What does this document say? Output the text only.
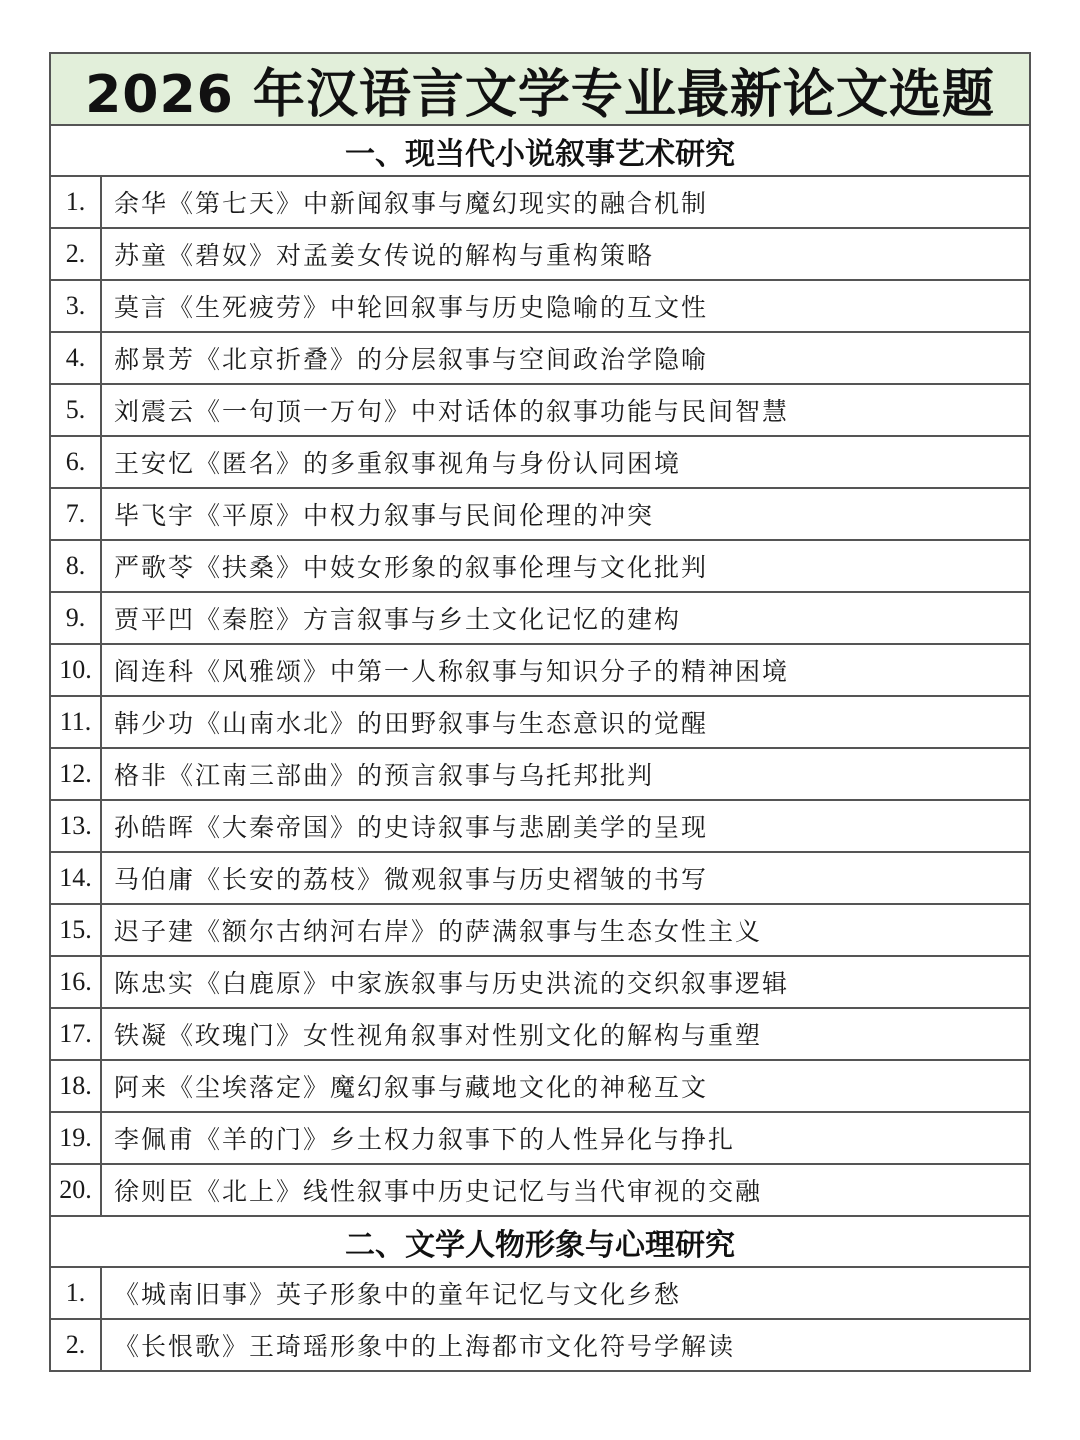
2026 年汉语言文学专业最新论文选题
一、现当代小说叙事艺术研究
1.	余华《第七天》中新闻叙事与魔幻现实的融合机制
2.	苏童《碧奴》对孟姜女传说的解构与重构策略
3.	莫言《生死疲劳》中轮回叙事与历史隐喻的互文性
4.	郝景芳《北京折叠》的分层叙事与空间政治学隐喻
5.	刘震云《一句顶一万句》中对话体的叙事功能与民间智慧
6.	王安忆《匿名》的多重叙事视角与身份认同困境
7.	毕飞宇《平原》中权力叙事与民间伦理的冲突
8.	严歌苓《扶桑》中妓女形象的叙事伦理与文化批判
9.	贾平凹《秦腔》方言叙事与乡土文化记忆的建构
10. 阎连科《风雅颂》中第一人称叙事与知识分子的精神困境
11. 韩少功《山南水北》的田野叙事与生态意识的觉醒
12. 格非《江南三部曲》的预言叙事与乌托邦批判
13. 孙皓晖《大秦帝国》的史诗叙事与悲剧美学的呈现
14. 马伯庸《长安的荔枝》微观叙事与历史褶皱的书写
15. 迟子建《额尔古纳河右岸》的萨满叙事与生态女性主义
16. 陈忠实《白鹿原》中家族叙事与历史洪流的交织叙事逻辑
17. 铁凝《玫瑰门》女性视角叙事对性别文化的解构与重塑
18. 阿来《尘埃落定》魔幻叙事与藏地文化的神秘互文
19. 李佩甫《羊的门》乡土权力叙事下的人性异化与挣扎
20. 徐则臣《北上》线性叙事中历史记忆与当代审视的交融
二、文学人物形象与心理研究
1.	《城南旧事》英子形象中的童年记忆与文化乡愁
2.	《长恨歌》王琦瑶形象中的上海都市文化符号学解读
